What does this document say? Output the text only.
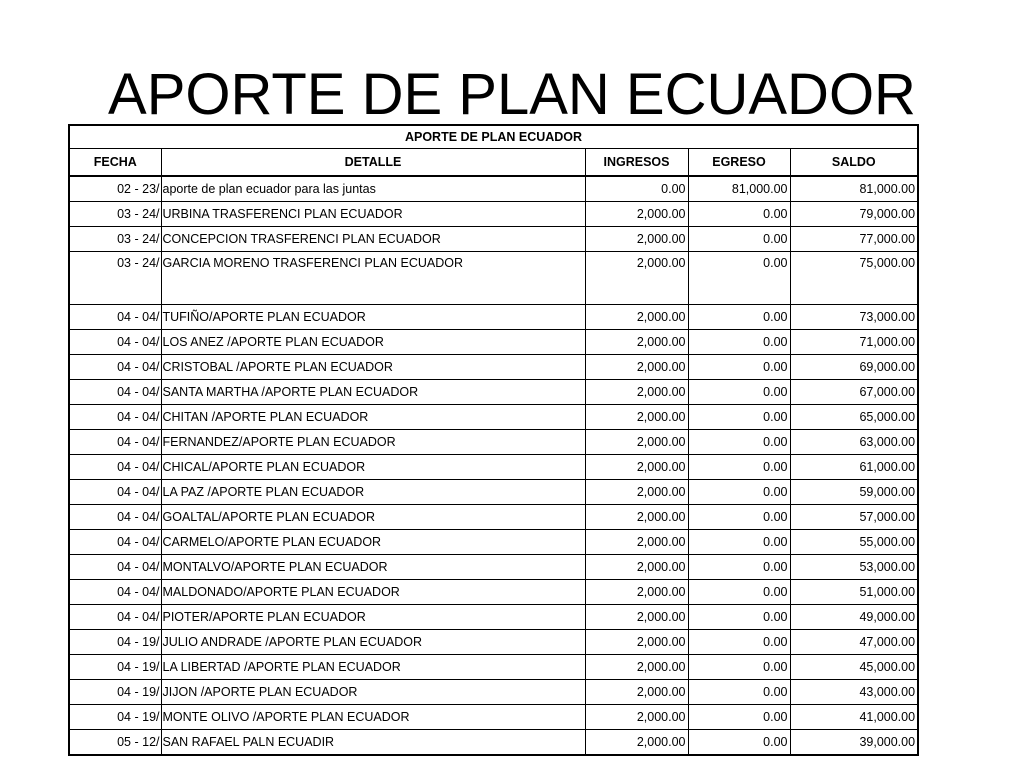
APORTE DE PLAN ECUADOR
APORTE DE PLAN ECUADOR				
FECHA	DETALLE	INGRESOS	EGRESO	SALDO
02 - 23/	aporte de plan ecuador para las juntas	0.00	81,000.00	81,000.00
03 - 24/	URBINA TRASFERENCI PLAN ECUADOR	2,000.00	0.00	79,000.00
03 - 24/	CONCEPCION TRASFERENCI PLAN ECUADOR	2,000.00	0.00	77,000.00
03 - 24/	GARCIA MORENO TRASFERENCI PLAN ECUADOR	2,000.00	0.00	75,000.00
04 - 04/	TUFIÑO/APORTE PLAN ECUADOR	2,000.00	0.00	73,000.00
04 - 04/	LOS ANEZ /APORTE PLAN ECUADOR	2,000.00	0.00	71,000.00
04 - 04/	CRISTOBAL /APORTE PLAN ECUADOR	2,000.00	0.00	69,000.00
04 - 04/	SANTA MARTHA /APORTE PLAN ECUADOR	2,000.00	0.00	67,000.00
04 - 04/	CHITAN /APORTE PLAN ECUADOR	2,000.00	0.00	65,000.00
04 - 04/	FERNANDEZ/APORTE PLAN ECUADOR	2,000.00	0.00	63,000.00
04 - 04/	CHICAL/APORTE PLAN ECUADOR	2,000.00	0.00	61,000.00
04 - 04/	LA PAZ /APORTE PLAN ECUADOR	2,000.00	0.00	59,000.00
04 - 04/	GOALTAL/APORTE PLAN ECUADOR	2,000.00	0.00	57,000.00
04 - 04/	CARMELO/APORTE PLAN ECUADOR	2,000.00	0.00	55,000.00
04 - 04/	MONTALVO/APORTE PLAN ECUADOR	2,000.00	0.00	53,000.00
04 - 04/	MALDONADO/APORTE PLAN ECUADOR	2,000.00	0.00	51,000.00
04 - 04/	PIOTER/APORTE PLAN ECUADOR	2,000.00	0.00	49,000.00
04 - 19/	JULIO ANDRADE /APORTE PLAN ECUADOR	2,000.00	0.00	47,000.00
04 - 19/	LA LIBERTAD /APORTE PLAN ECUADOR	2,000.00	0.00	45,000.00
04 - 19/	JIJON /APORTE PLAN ECUADOR	2,000.00	0.00	43,000.00
04 - 19/	MONTE OLIVO /APORTE PLAN ECUADOR	2,000.00	0.00	41,000.00
05 - 12/	SAN RAFAEL PALN ECUADIR	2,000.00	0.00	39,000.00
